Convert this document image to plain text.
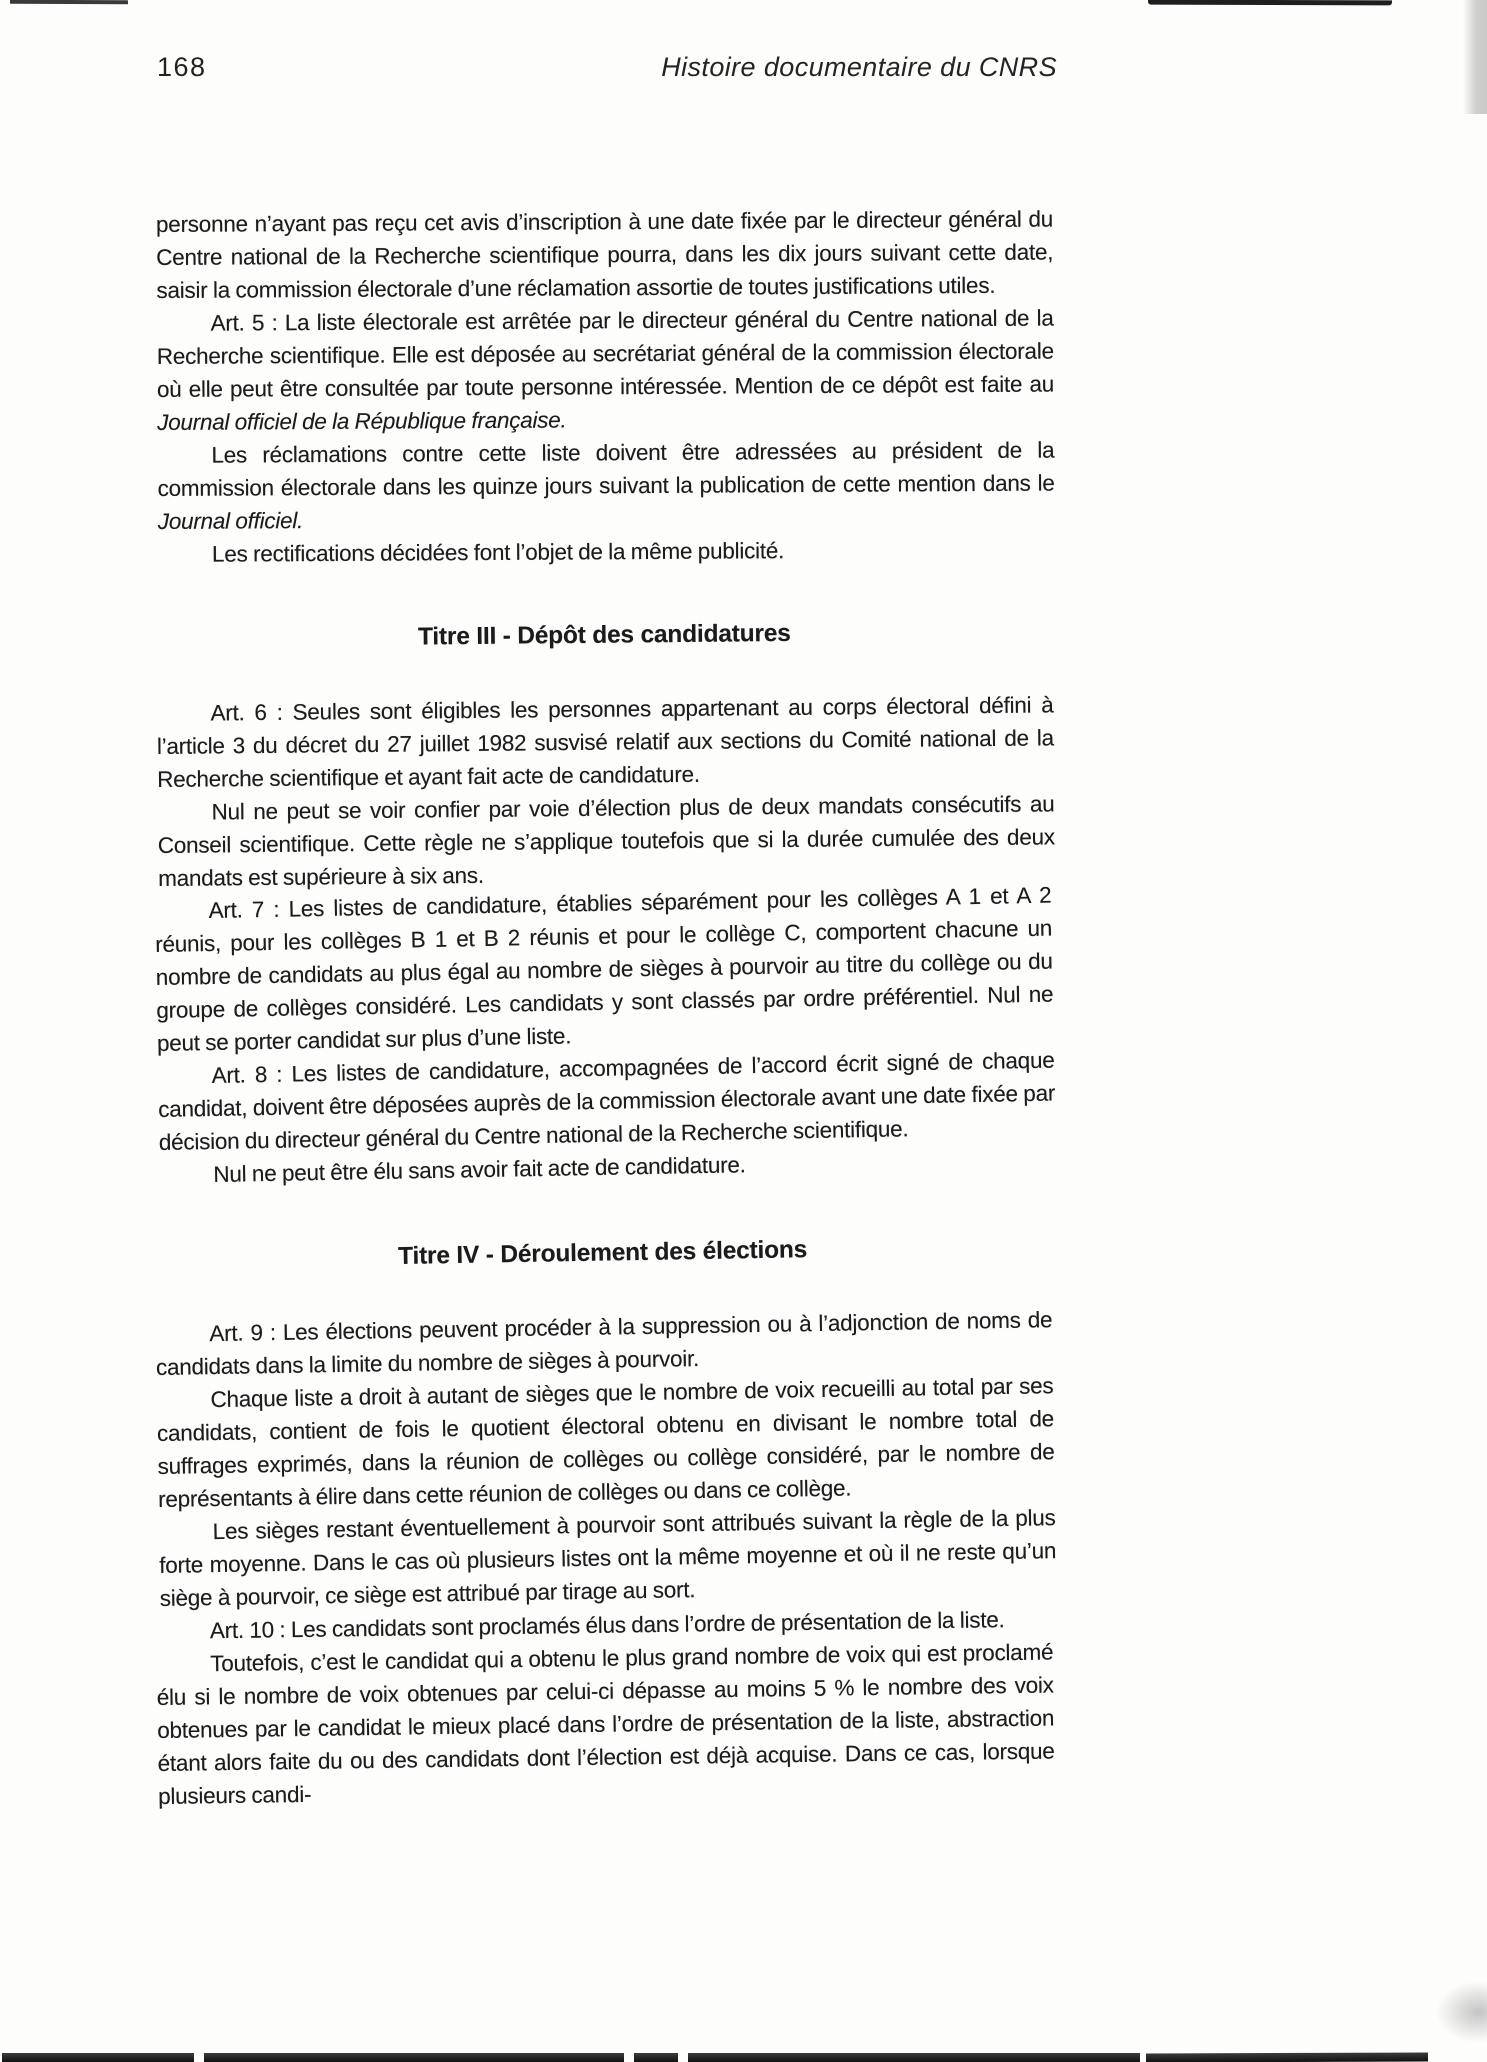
168	Histoire documentaire du CNRS

personne n’ayant pas reçu cet avis d’inscription à une date fixée par le directeur général du Centre national de la Recherche scientifique pourra, dans les dix jours suivant cette date, saisir la commission électorale d’une réclamation assortie de toutes justifications utiles.

Art. 5 : La liste électorale est arrêtée par le directeur général du Centre national de la Recherche scientifique. Elle est déposée au secrétariat général de la commission électorale où elle peut être consultée par toute personne intéressée. Mention de ce dépôt est faite au Journal officiel de la République française.

Les réclamations contre cette liste doivent être adressées au président de la commission électorale dans les quinze jours suivant la publication de cette mention dans le Journal officiel.

Les rectifications décidées font l’objet de la même publicité.

Titre III - Dépôt des candidatures

Art. 6 : Seules sont éligibles les personnes appartenant au corps électoral défini à l’article 3 du décret du 27 juillet 1982 susvisé relatif aux sections du Comité national de la Recherche scientifique et ayant fait acte de candidature.

Nul ne peut se voir confier par voie d’élection plus de deux mandats consécutifs au Conseil scientifique. Cette règle ne s’applique toutefois que si la durée cumulée des deux mandats est supérieure à six ans.

Art. 7 : Les listes de candidature, établies séparément pour les collèges A 1 et A 2 réunis, pour les collèges B 1 et B 2 réunis et pour le collège C, comportent chacune un nombre de candidats au plus égal au nombre de sièges à pourvoir au titre du collège ou du groupe de collèges considéré. Les candidats y sont classés par ordre préférentiel. Nul ne peut se porter candidat sur plus d’une liste.

Art. 8 : Les listes de candidature, accompagnées de l’accord écrit signé de chaque candidat, doivent être déposées auprès de la commission électorale avant une date fixée par décision du directeur général du Centre national de la Recherche scientifique.

Nul ne peut être élu sans avoir fait acte de candidature.

Titre IV - Déroulement des élections

Art. 9 : Les élections peuvent procéder à la suppression ou à l’adjonction de noms de candidats dans la limite du nombre de sièges à pourvoir.

Chaque liste a droit à autant de sièges que le nombre de voix recueilli au total par ses candidats, contient de fois le quotient électoral obtenu en divisant le nombre total de suffrages exprimés, dans la réunion de collèges ou collège considéré, par le nombre de représentants à élire dans cette réunion de collèges ou dans ce collège.

Les sièges restant éventuellement à pourvoir sont attribués suivant la règle de la plus forte moyenne. Dans le cas où plusieurs listes ont la même moyenne et où il ne reste qu’un siège à pourvoir, ce siège est attribué par tirage au sort.

Art. 10 : Les candidats sont proclamés élus dans l’ordre de présentation de la liste.

Toutefois, c’est le candidat qui a obtenu le plus grand nombre de voix qui est proclamé élu si le nombre de voix obtenues par celui-ci dépasse au moins 5 % le nombre des voix obtenues par le candidat le mieux placé dans l’ordre de présentation de la liste, abstraction étant alors faite du ou des candidats dont l’élection est déjà acquise. Dans ce cas, lorsque plusieurs candi-
